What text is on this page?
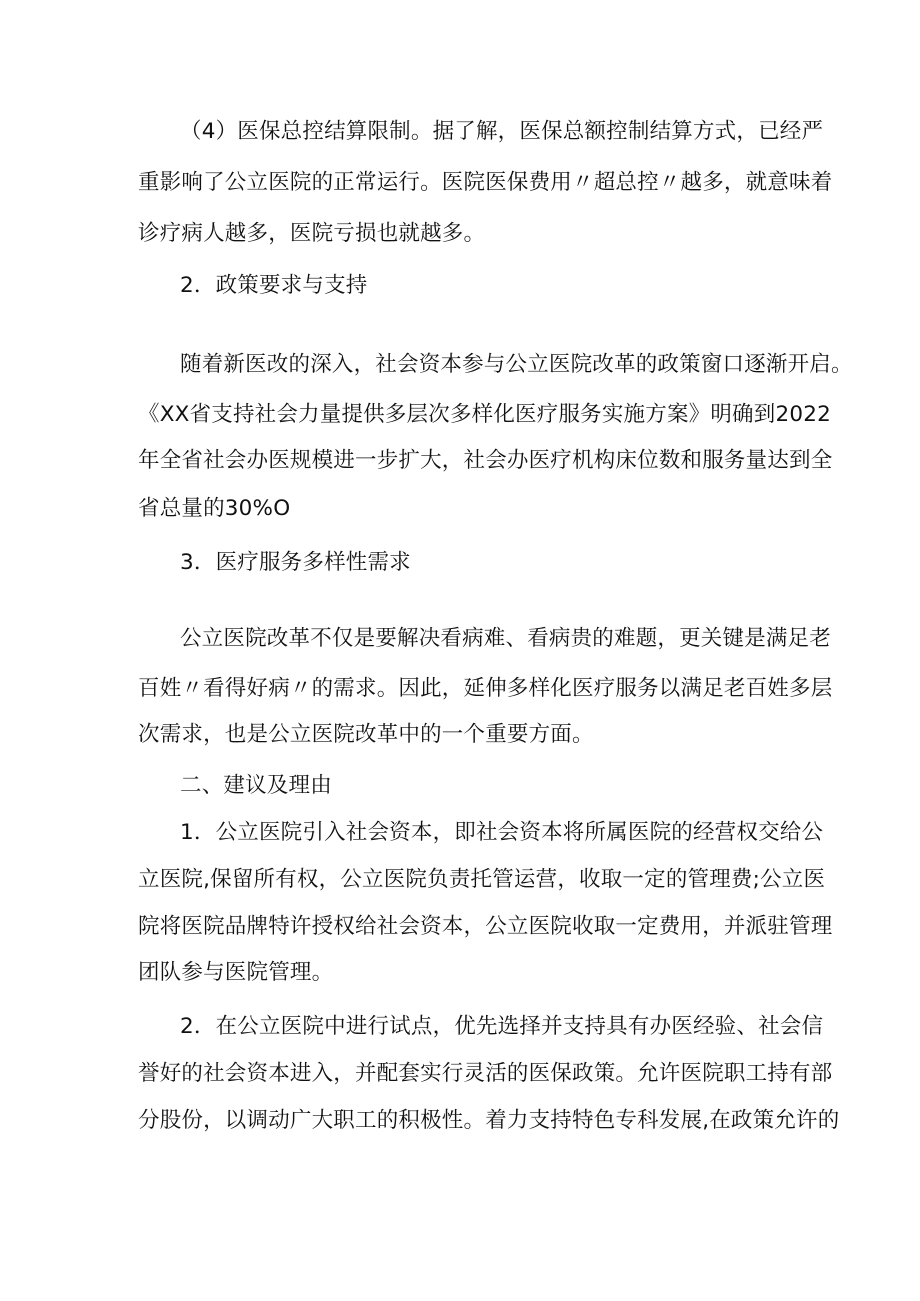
（4）医保总控结算限制。据了解，医保总额控制结算方式，已经严
重影响了公立医院的正常运行。医院医保费用〃超总控〃越多，就意味着
诊疗病人越多，医院亏损也就越多。
2．政策要求与支持
随着新医改的深入，社会资本参与公立医院改革的政策窗口逐渐开启。
《XX省支持社会力量提供多层次多样化医疗服务实施方案》明确到2022
年全省社会办医规模进一步扩大，社会办医疗机构床位数和服务量达到全
省总量的30%O
3．医疗服务多样性需求
公立医院改革不仅是要解决看病难、看病贵的难题，更关键是满足老
百姓〃看得好病〃的需求。因此，延伸多样化医疗服务以满足老百姓多层
次需求，也是公立医院改革中的一个重要方面。
二、建议及理由
1．公立医院引入社会资本，即社会资本将所属医院的经营权交给公
立医院,保留所有权，公立医院负责托管运营，收取一定的管理费;公立医
院将医院品牌特许授权给社会资本，公立医院收取一定费用，并派驻管理
团队参与医院管理。
2．在公立医院中进行试点，优先选择并支持具有办医经验、社会信
誉好的社会资本进入，并配套实行灵活的医保政策。允许医院职工持有部
分股份，以调动广大职工的积极性。着力支持特色专科发展,在政策允许的
